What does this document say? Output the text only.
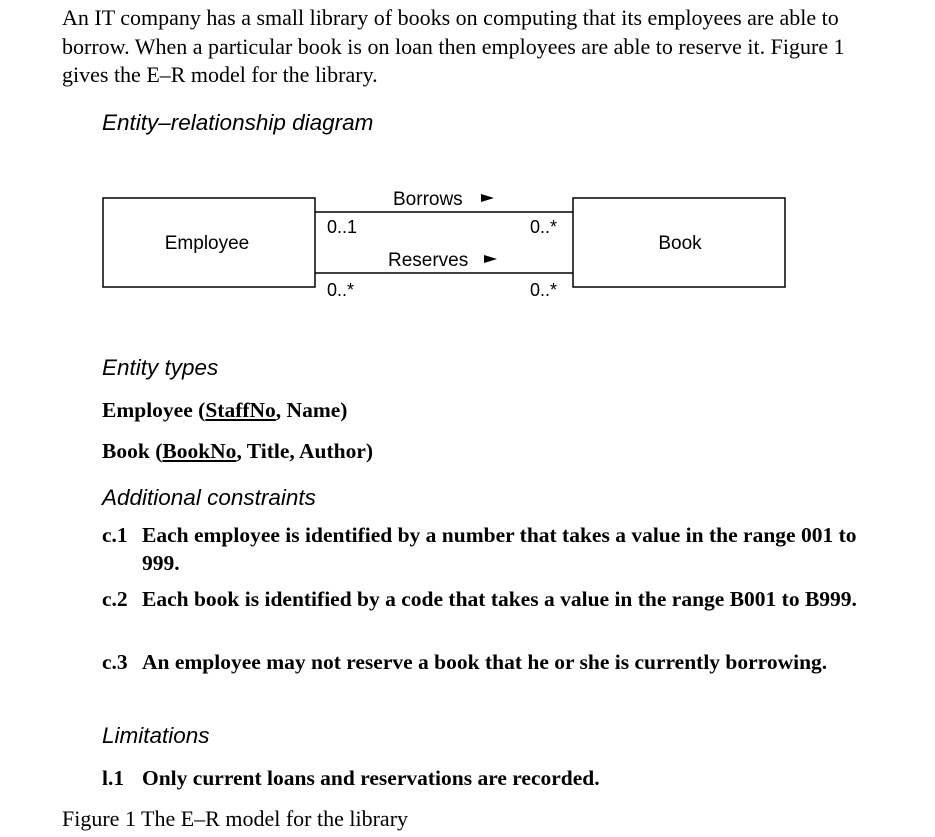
An IT company has a small library of books on computing that its employees are able to borrow. When a particular book is on loan then employees are able to reserve it. Figure 1 gives the E–R model for the library.

Entity–relationship diagram

Employee	Book
Borrows
Reserves
0..1	0..*
0..*	0..*

Entity types

Employee (StaffNo, Name)

Book (BookNo, Title, Author)

Additional constraints

c.1 Each employee is identified by a number that takes a value in the range 001 to 999.
c.2 Each book is identified by a code that takes a value in the range B001 to B999.
c.3 An employee may not reserve a book that he or she is currently borrowing.

Limitations

l.1 Only current loans and reservations are recorded.

Figure 1 The E–R model for the library
